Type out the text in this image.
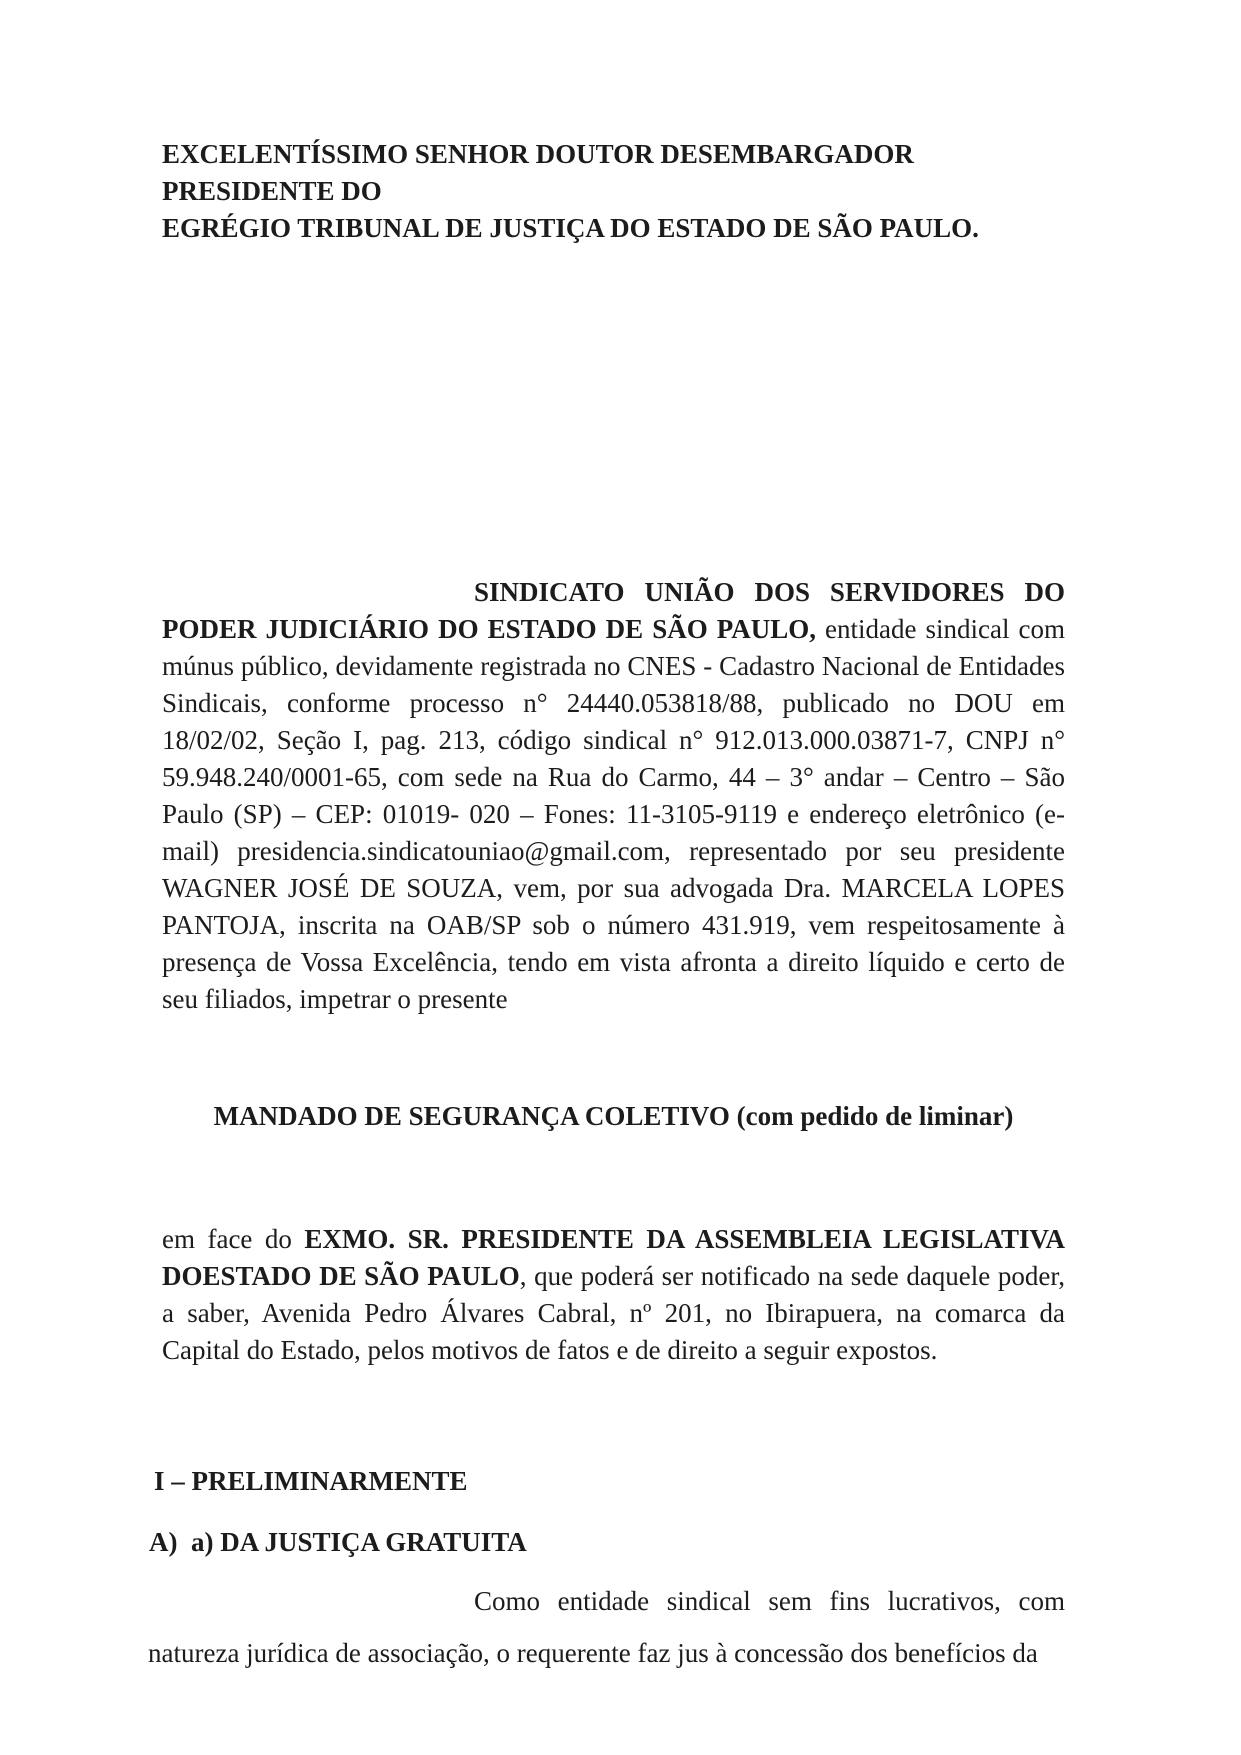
EXCELENTÍSSIMO SENHOR DOUTOR DESEMBARGADOR PRESIDENTE DO
EGRÉGIO TRIBUNAL DE JUSTIÇA DO ESTADO DE SÃO PAULO.

SINDICATO UNIÃO DOS SERVIDORES DO PODER JUDICIÁRIO DO ESTADO DE SÃO PAULO, entidade sindical com múnus público, devidamente registrada no CNES - Cadastro Nacional de Entidades Sindicais, conforme processo n° 24440.053818/88, publicado no DOU em 18/02/02, Seção I, pag. 213, código sindical n° 912.013.000.03871-7, CNPJ n° 59.948.240/0001-65, com sede na Rua do Carmo, 44 – 3° andar – Centro – São Paulo (SP) – CEP: 01019- 020 – Fones: 11-3105-9119 e endereço eletrônico (e-mail) presidencia.sindicatouniao@gmail.com, representado por seu presidente WAGNER JOSÉ DE SOUZA, vem, por sua advogada Dra. MARCELA LOPES PANTOJA, inscrita na OAB/SP sob o número 431.919, vem respeitosamente à presença de Vossa Excelência, tendo em vista afronta a direito líquido e certo de seu filiados, impetrar o presente

MANDADO DE SEGURANÇA COLETIVO (com pedido de liminar)

em face do EXMO. SR. PRESIDENTE DA ASSEMBLEIA LEGISLATIVA DOESTADO DE SÃO PAULO, que poderá ser notificado na sede daquele poder, a saber, Avenida Pedro Álvares Cabral, nº 201, no Ibirapuera, na comarca da Capital do Estado, pelos motivos de fatos e de direito a seguir expostos.

I – PRELIMINARMENTE
A)  a) DA JUSTIÇA GRATUITA

Como entidade sindical sem fins lucrativos, com natureza jurídica de associação, o requerente faz jus à concessão dos benefícios da
